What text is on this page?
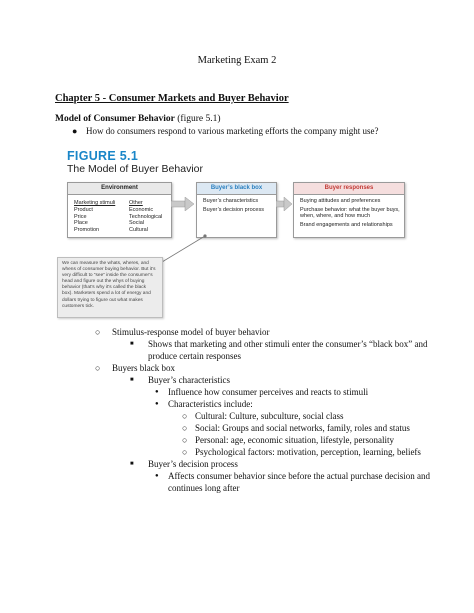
Marketing Exam 2
Chapter 5 - Consumer Markets and Buyer Behavior
Model of Consumer Behavior (figure 5.1)
● How do consumers respond to various marketing efforts the company might use?
FIGURE 5.1
The Model of Buyer Behavior
Environment
Marketing stimuli
Product
Price
Place
Promotion
Other
Economic
Technological
Social
Cultural
Buyer’s black box
Buyer’s characteristics
Buyer’s decision process
Buyer responses
Buying attitudes and preferences
Purchase behavior: what the buyer buys, when, where, and how much
Brand engagements and relationships
We can measure the whats, wheres, and whens of consumer buying behavior. But it’s very difficult to “see” inside the consumer’s head and figure out the whys of buying behavior (that’s why it’s called the black box). Marketers spend a lot of energy and dollars trying to figure out what makes customers tick.
○ Stimulus-response model of buyer behavior
■ Shows that marketing and other stimuli enter the consumer’s “black box” and
produce certain responses
○ Buyers black box
■ Buyer’s characteristics
● Influence how consumer perceives and reacts to stimuli
● Characteristics include:
○ Cultural: Culture, subculture, social class
○ Social: Groups and social networks, family, roles and status
○ Personal: age, economic situation, lifestyle, personality
○ Psychological factors: motivation, perception, learning, beliefs
■ Buyer’s decision process
● Affects consumer behavior since before the actual purchase decision and
continues long after
